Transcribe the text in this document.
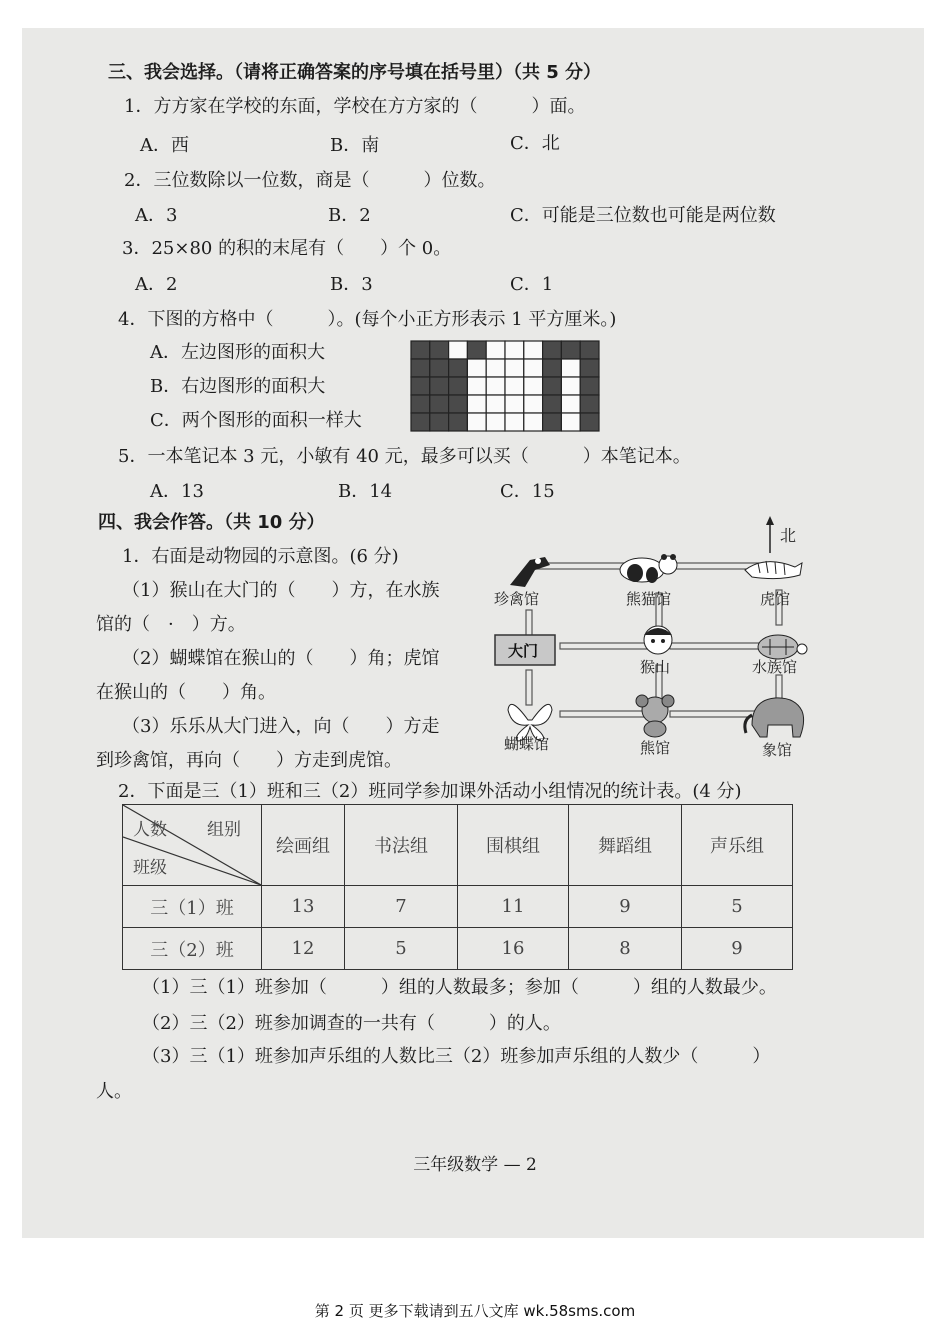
三、我会选择。（请将正确答案的序号填在括号里）（共 5 分）
1．方方家在学校的东面，学校在方方家的（　　　）面。
A．西	B．南	C．北
2．三位数除以一位数，商是（　　　）位数。
A．3	B．2	C．可能是三位数也可能是两位数
3．25×80 的积的末尾有（　　）个 0。
A．2	B．3	C．1
4．下图的方格中（　　　）。(每个小正方形表示 1 平方厘米。)
A．左边图形的面积大
B．右边图形的面积大
C．两个图形的面积一样大
5．一本笔记本 3 元，小敏有 40 元，最多可以买（　　　）本笔记本。
A．13	B．14	C．15
四、我会作答。（共 10 分）
1．右面是动物园的示意图。(6 分)
（1）猴山在大门的（　　）方，在水族
馆的（　·　）方。
（2）蝴蝶馆在猴山的（　　）角；虎馆
在猴山的（　　）角。
（3）乐乐从大门进入，向（　　）方走
到珍禽馆，再向（　　）方走到虎馆。
北
大门
珍禽馆	熊猫馆	虎馆
猴山	水族馆
蝴蝶馆	熊馆	象馆
2．下面是三（1）班和三（2）班同学参加课外活动小组情况的统计表。(4 分)
人数 组别
班级	绘画组	书法组	围棋组	舞蹈组	声乐组
三（1）班	13	7	11	9	5
三（2）班	12	5	16	8	9
（1）三（1）班参加（　　　）组的人数最多；参加（　　　）组的人数最少。
（2）三（2）班参加调查的一共有（　　　）的人。
（3）三（1）班参加声乐组的人数比三（2）班参加声乐组的人数少（　　　）
人。
三年级数学 — 2
第 2 页 更多下载请到五八文库 wk.58sms.com
